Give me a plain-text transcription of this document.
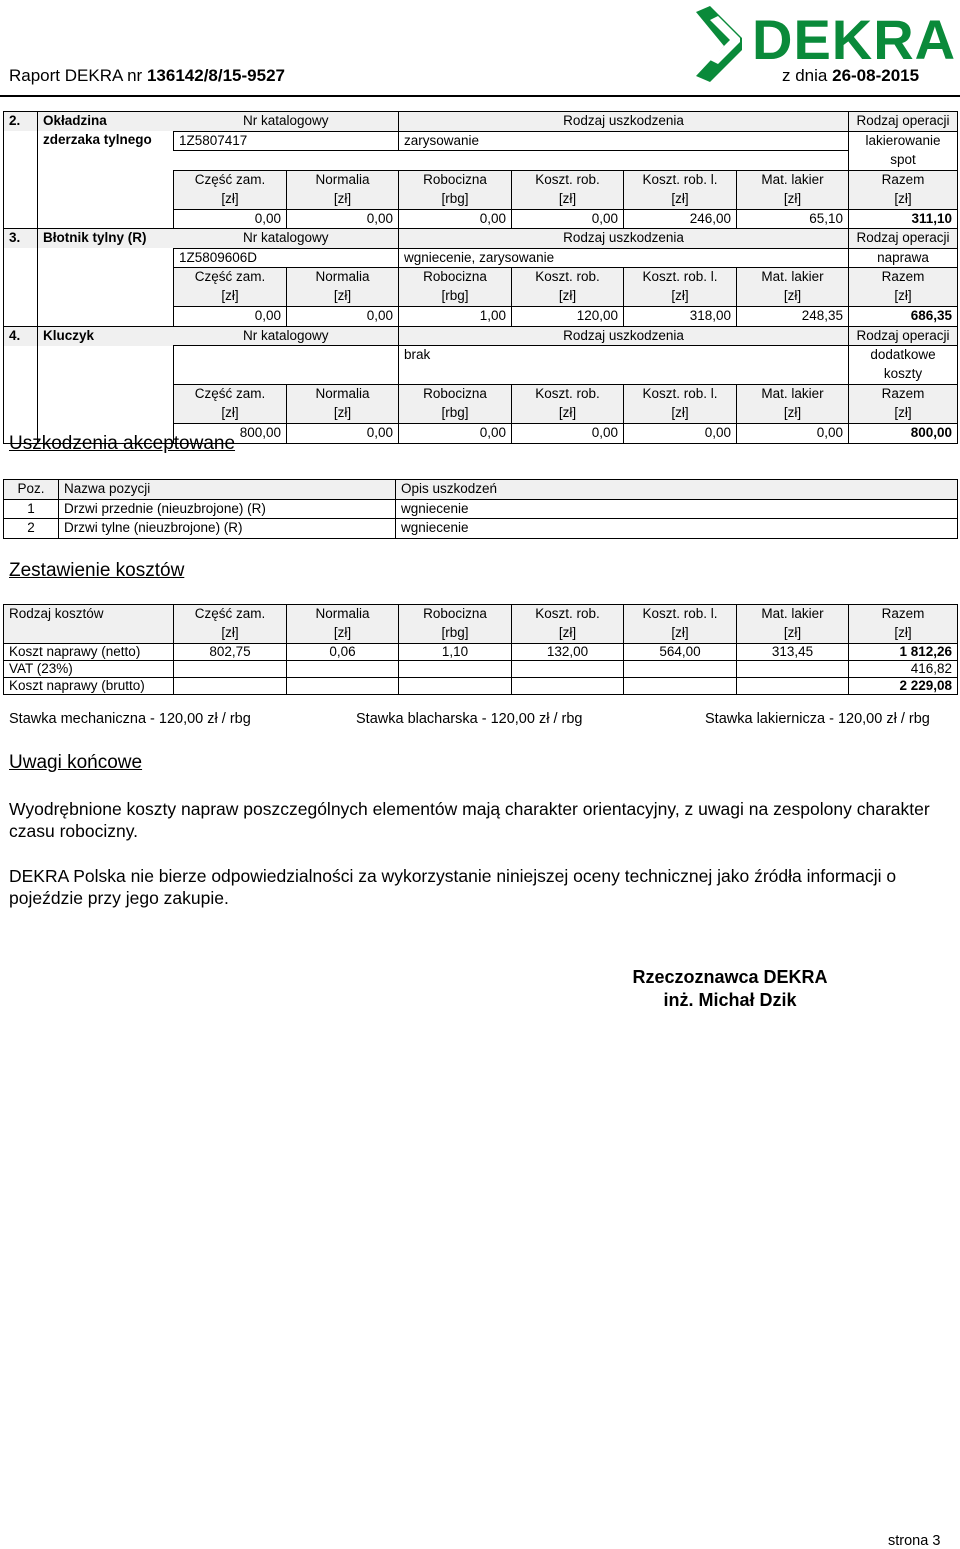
Raport DEKRA nr 136142/8/15-9527	z dnia 26-08-2015
DEKRA
2.	Okładzina	Nr katalogowy		Rodzaj uszkodzenia				Rodzaj operacji
	zderzaka tylnego	1Z5807417		zarysowanie				lakierowanie
								spot
		Część zam.	Normalia	Robocizna	Koszt. rob.	Koszt. rob. l.	Mat. lakier	Razem
		[zł]	[zł]	[rbg]	[zł]	[zł]	[zł]	[zł]
		0,00	0,00	0,00	0,00	246,00	65,10	311,10
3.	Błotnik tylny (R)	Nr katalogowy		Rodzaj uszkodzenia				Rodzaj operacji
		1Z5809606D		wgniecenie, zarysowanie				naprawa
		Część zam.	Normalia	Robocizna	Koszt. rob.	Koszt. rob. l.	Mat. lakier	Razem
		[zł]	[zł]	[rbg]	[zł]	[zł]	[zł]	[zł]
		0,00	0,00	1,00	120,00	318,00	248,35	686,35
4.	Kluczyk	Nr katalogowy		Rodzaj uszkodzenia				Rodzaj operacji
				brak				dodatkowe
								koszty
		Część zam.	Normalia	Robocizna	Koszt. rob.	Koszt. rob. l.	Mat. lakier	Razem
		[zł]	[zł]	[rbg]	[zł]	[zł]	[zł]	[zł]
		800,00	0,00	0,00	0,00	0,00	0,00	800,00
Uszkodzenia akceptowane
Poz.	Nazwa pozycji	Opis uszkodzeń
1	Drzwi przednie (nieuzbrojone) (R)	wgniecenie
2	Drzwi tylne (nieuzbrojone) (R)	wgniecenie
Zestawienie kosztów
Rodzaj kosztów	Część zam.	Normalia	Robocizna	Koszt. rob.	Koszt. rob. l.	Mat. lakier	Razem
	[zł]	[zł]	[rbg]	[zł]	[zł]	[zł]	[zł]
Koszt naprawy (netto)	802,75	0,06	1,10	132,00	564,00	313,45	1 812,26
VAT (23%)							416,82
Koszt naprawy (brutto)							2 229,08
Stawka mechaniczna - 120,00 zł / rbg	Stawka blacharska - 120,00 zł / rbg	Stawka lakiernicza - 120,00 zł / rbg
Uwagi końcowe
Wyodrębnione koszty napraw poszczególnych elementów mają charakter orientacyjny, z uwagi na zespolony charakter czasu robocizny.
DEKRA Polska nie bierze odpowiedzialności za wykorzystanie niniejszej oceny technicznej jako źródła informacji o pojeździe przy jego zakupie.
Rzeczoznawca DEKRA
inż. Michał Dzik
strona 3
